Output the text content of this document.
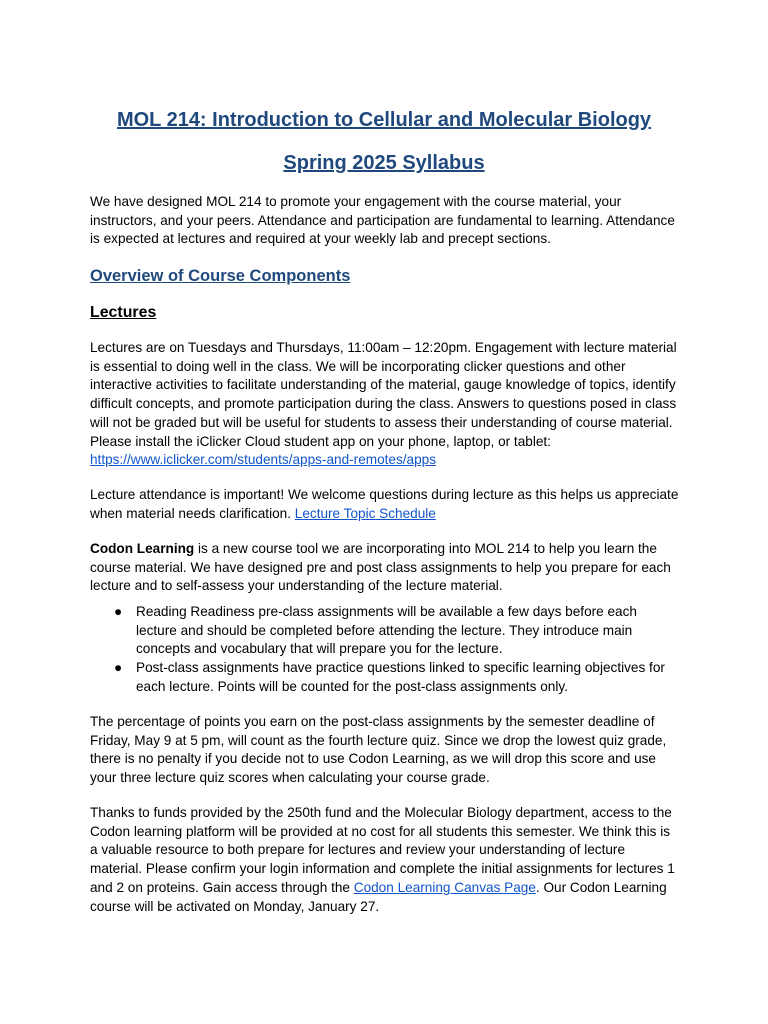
MOL 214: Introduction to Cellular and Molecular Biology
Spring 2025 Syllabus

We have designed MOL 214 to promote your engagement with the course material, your instructors, and your peers. Attendance and participation are fundamental to learning. Attendance is expected at lectures and required at your weekly lab and precept sections.

Overview of Course Components
Lectures

Lectures are on Tuesdays and Thursdays, 11:00am – 12:20pm. Engagement with lecture material is essential to doing well in the class. We will be incorporating clicker questions and other interactive activities to facilitate understanding of the material, gauge knowledge of topics, identify difficult concepts, and promote participation during the class. Answers to questions posed in class will not be graded but will be useful for students to assess their understanding of course material. Please install the iClicker Cloud student app on your phone, laptop, or tablet: https://www.iclicker.com/students/apps-and-remotes/apps

Lecture attendance is important! We welcome questions during lecture as this helps us appreciate when material needs clarification. Lecture Topic Schedule

Codon Learning is a new course tool we are incorporating into MOL 214 to help you learn the course material. We have designed pre and post class assignments to help you prepare for each lecture and to self-assess your understanding of the lecture material.

● Reading Readiness pre-class assignments will be available a few days before each lecture and should be completed before attending the lecture. They introduce main concepts and vocabulary that will prepare you for the lecture.
● Post-class assignments have practice questions linked to specific learning objectives for each lecture. Points will be counted for the post-class assignments only.

The percentage of points you earn on the post-class assignments by the semester deadline of Friday, May 9 at 5 pm, will count as the fourth lecture quiz. Since we drop the lowest quiz grade, there is no penalty if you decide not to use Codon Learning, as we will drop this score and use your three lecture quiz scores when calculating your course grade.

Thanks to funds provided by the 250th fund and the Molecular Biology department, access to the Codon learning platform will be provided at no cost for all students this semester. We think this is a valuable resource to both prepare for lectures and review your understanding of lecture material. Please confirm your login information and complete the initial assignments for lectures 1 and 2 on proteins. Gain access through the Codon Learning Canvas Page. Our Codon Learning course will be activated on Monday, January 27.
